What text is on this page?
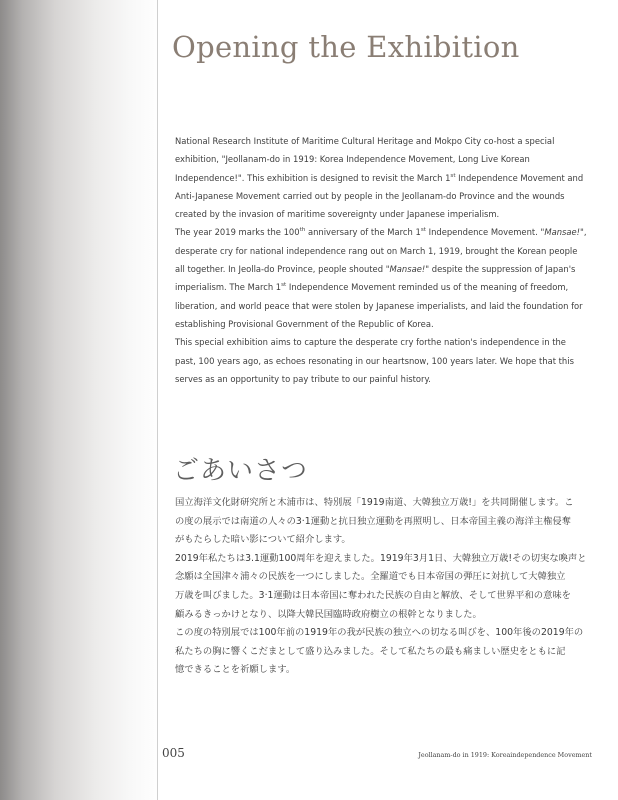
Opening the Exhibition

National Research Institute of Maritime Cultural Heritage and Mokpo City co-host a special
exhibition, "Jeollanam-do in 1919: Korea Independence Movement, Long Live Korean
Independence!". This exhibition is designed to revisit the March 1st Independence Movement and
Anti-Japanese Movement carried out by people in the Jeollanam-do Province and the wounds
created by the invasion of maritime sovereignty under Japanese imperialism.

The year 2019 marks the 100th anniversary of the March 1st Independence Movement. "Mansae!",
desperate cry for national independence rang out on March 1, 1919, brought the Korean people
all together. In Jeolla-do Province, people shouted "Mansae!" despite the suppression of Japan's
imperialism. The March 1st Independence Movement reminded us of the meaning of freedom,
liberation, and world peace that were stolen by Japanese imperialists, and laid the foundation for
establishing Provisional Government of the Republic of Korea.

This special exhibition aims to capture the desperate cry forthe nation's independence in the
past, 100 years ago, as echoes resonating in our heartsnow, 100 years later. We hope that this
serves as an opportunity to pay tribute to our painful history.

ごあいさつ

国立海洋文化財研究所と木浦市は、特別展「1919南道、大韓独立万歳!」を共同開催します。こ
の度の展示では南道の人々の3·1運動と抗日独立運動を再照明し、日本帝国主義の海洋主権侵奪
がもたらした暗い影について紹介します。

2019年私たちは3.1運動100周年を迎えました。1919年3月1日、大韓独立万歳!その切実な喚声と
念願は全国津々浦々の民族を一つにしました。全羅道でも日本帝国の弾圧に対抗して大韓独立
万歳を叫びました。3·1運動は日本帝国に奪われた民族の自由と解放、そして世界平和の意味を
顧みるきっかけとなり、以降大韓民国臨時政府樹立の根幹となりました。

この度の特別展では100年前の1919年の我が民族の独立への切なる叫びを、100年後の2019年の
私たちの胸に響くこだまとして盛り込みました。そして私たちの最も痛ましい歴史をともに記
憶できることを祈願します。

005	Jeollanam-do in 1919: Koreaindependence Movement
